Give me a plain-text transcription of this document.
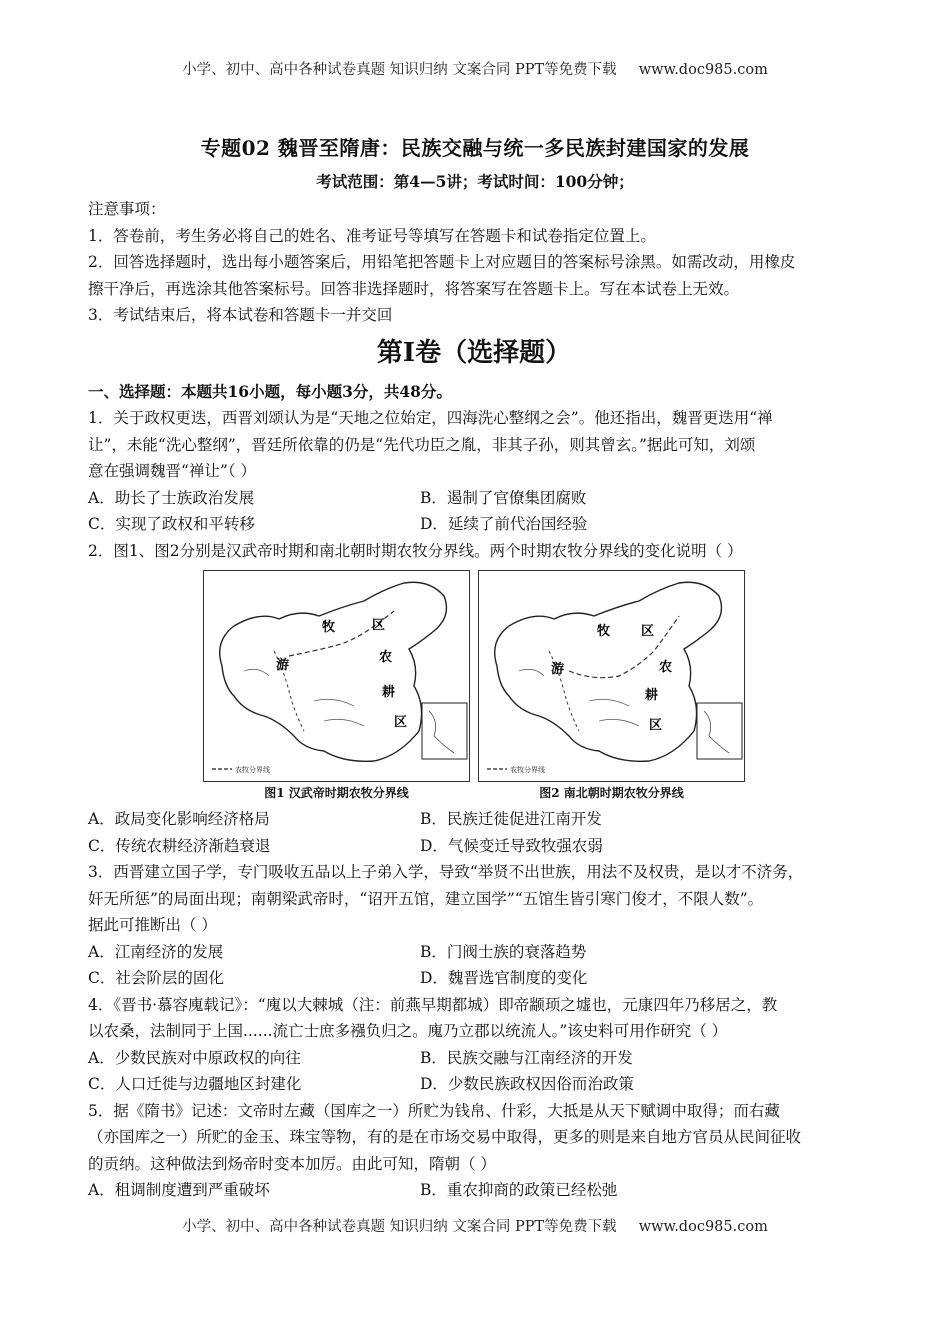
小学、初中、高中各种试卷真题 知识归纳 文案合同 PPT等免费下载 www.doc985.com
专题02 魏晋至隋唐：民族交融与统一多民族封建国家的发展
考试范围：第4—5讲；考试时间：100分钟；
注意事项：
1．答卷前，考生务必将自己的姓名、准考证号等填写在答题卡和试卷指定位置上。
2．回答选择题时，选出每小题答案后，用铅笔把答题卡上对应题目的答案标号涂黑。如需改动，用橡皮
擦干净后，再选涂其他答案标号。回答非选择题时，将答案写在答题卡上。写在本试卷上无效。
3．考试结束后，将本试卷和答题卡一并交回
第I卷（选择题）
一、选择题：本题共16小题，每小题3分，共48分。
1．关于政权更迭，西晋刘颂认为是“天地之位始定，四海洗心整纲之会”。他还指出，魏晋更迭用“禅
让”，未能“洗心整纲”，晋廷所依靠的仍是“先代功臣之胤，非其子孙，则其曾玄。”据此可知，刘颂
意在强调魏晋“禅让”（ ）
A．助长了士族政治发展	B．遏制了官僚集团腐败
C．实现了政权和平转移	D．延续了前代治国经验
2．图1、图2分别是汉武帝时期和南北朝时期农牧分界线。两个时期农牧分界线的变化说明（ ）
农牧分界线
牧	区
农
游
耕
区
农牧分界线
牧 区
农
游
耕
区
图1 汉武帝时期农牧分界线	图2 南北朝时期农牧分界线
A．政局变化影响经济格局	B．民族迁徙促进江南开发
C．传统农耕经济渐趋衰退	D．气候变迁导致牧强农弱
3．西晋建立国子学，专门吸收五品以上子弟入学，导致“举贤不出世族，用法不及权贵，是以才不济务，
奸无所惩”的局面出现；南朝梁武帝时，“诏开五馆，建立国学”“五馆生皆引寒门俊才，不限人数”。
据此可推断出（ ）
A．江南经济的发展	B．门阀士族的衰落趋势
C．社会阶层的固化	D．魏晋选官制度的变化
4．《晋书·慕容廆载记》：“廆以大棘城（注：前燕早期都城）即帝颛顼之墟也，元康四年乃移居之，教
以农桑，法制同于上国......流亡士庶多襁负归之。廆乃立郡以统流人。”该史料可用作研究（ ）
A．少数民族对中原政权的向往	B．民族交融与江南经济的开发
C．人口迁徙与边疆地区封建化	D．少数民族政权因俗而治政策
5．据《隋书》记述：文帝时左藏（国库之一）所贮为钱帛、什彩，大抵是从天下赋调中取得；而右藏
（亦国库之一）所贮的金玉、珠宝等物，有的是在市场交易中取得，更多的则是来自地方官员从民间征收
的贡纳。这种做法到炀帝时变本加厉。由此可知，隋朝（ ）
A．租调制度遭到严重破坏	B．重农抑商的政策已经松弛
小学、初中、高中各种试卷真题 知识归纳 文案合同 PPT等免费下载 www.doc985.com
